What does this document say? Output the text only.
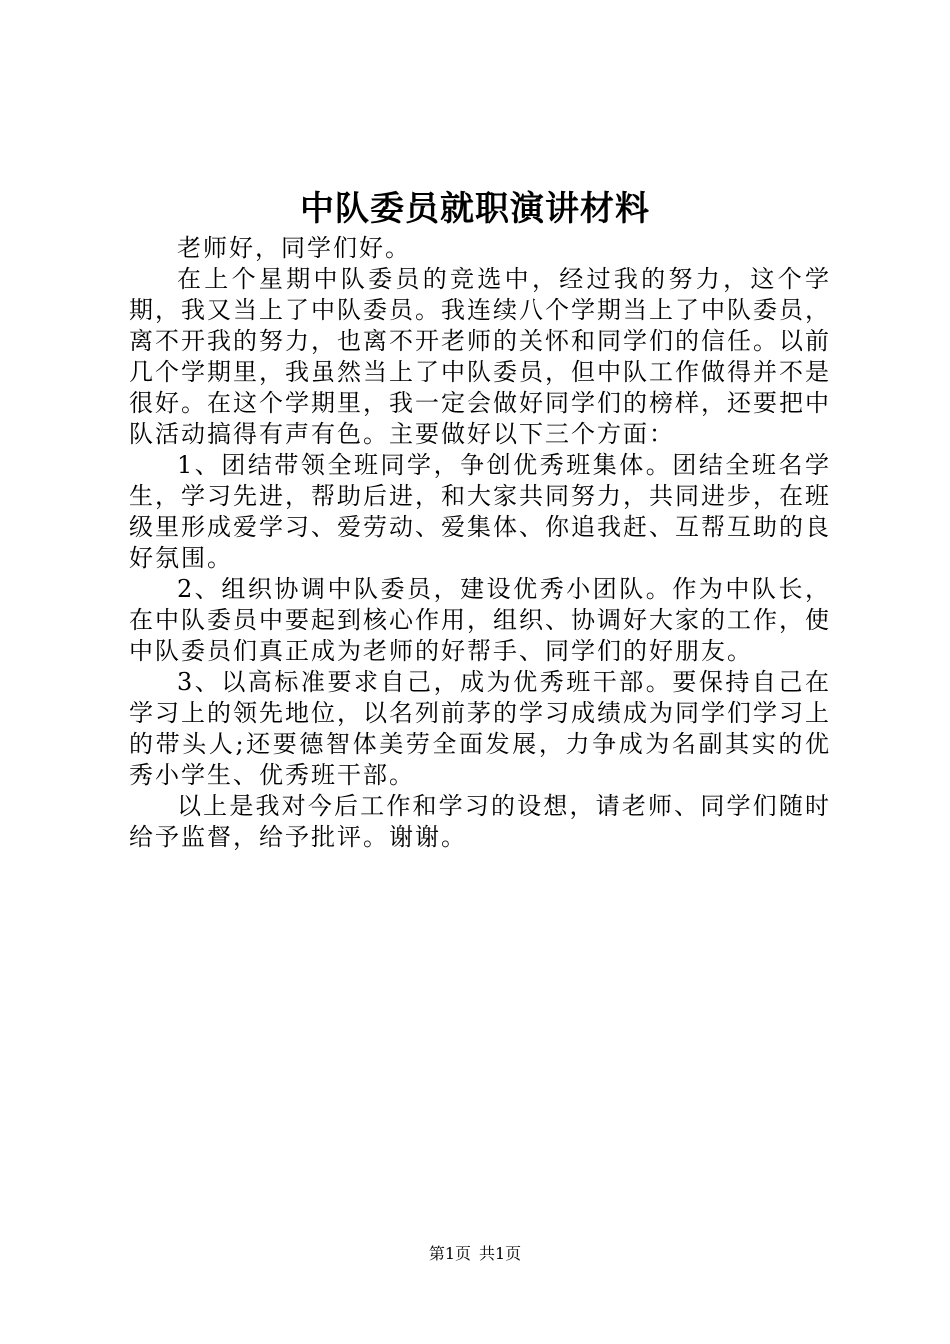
中队委员就职演讲材料

老师好，同学们好。

在上个星期中队委员的竞选中，经过我的努力，这个学期，我又当上了中队委员。我连续八个学期当上了中队委员，离不开我的努力，也离不开老师的关怀和同学们的信任。以前几个学期里，我虽然当上了中队委员，但中队工作做得并不是很好。在这个学期里，我一定会做好同学们的榜样，还要把中队活动搞得有声有色。主要做好以下三个方面：

1、团结带领全班同学，争创优秀班集体。团结全班名学生，学习先进，帮助后进，和大家共同努力，共同进步，在班级里形成爱学习、爱劳动、爱集体、你追我赶、互帮互助的良好氛围。

2、组织协调中队委员，建设优秀小团队。作为中队长，在中队委员中要起到核心作用，组织、协调好大家的工作，使中队委员们真正成为老师的好帮手、同学们的好朋友。

3、以高标准要求自己，成为优秀班干部。要保持自己在学习上的领先地位，以名列前茅的学习成绩成为同学们学习上的带头人;还要德智体美劳全面发展，力争成为名副其实的优秀小学生、优秀班干部。

以上是我对今后工作和学习的设想，请老师、同学们随时给予监督，给予批评。谢谢。

第1页 共1页
